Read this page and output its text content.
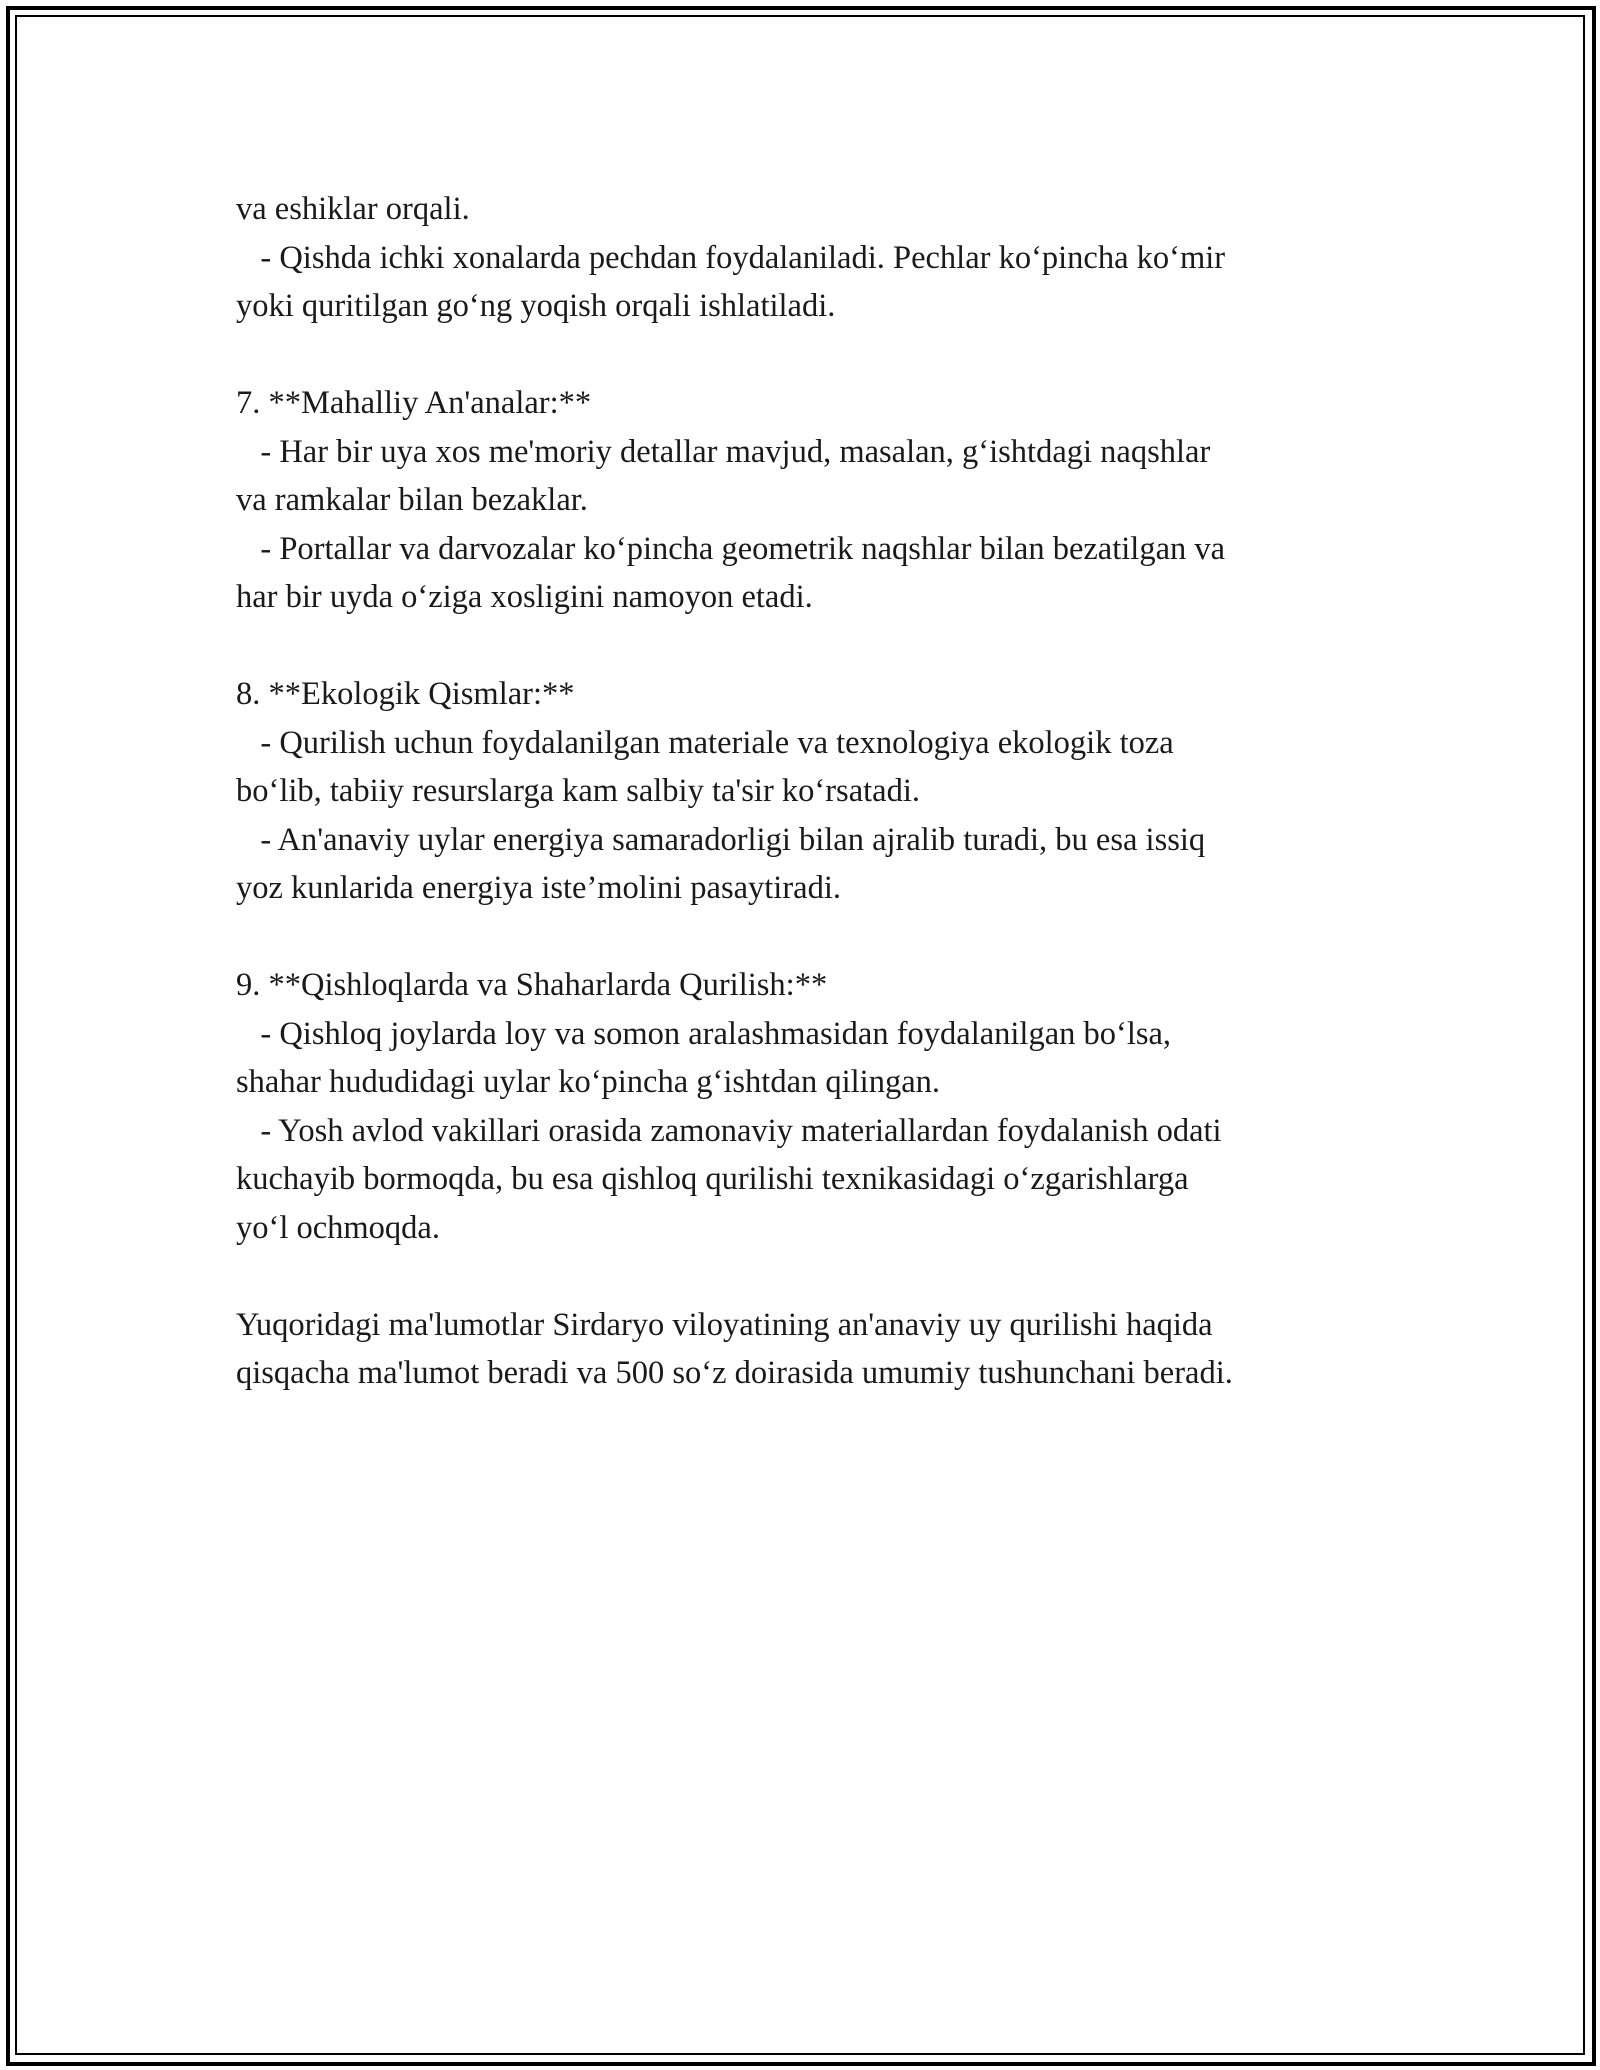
va eshiklar orqali.
- Qishda ichki xonalarda pechdan foydalaniladi. Pechlar ko‘pincha ko‘mir
yoki quritilgan go‘ng yoqish orqali ishlatiladi.
7. **Mahalliy An'analar:**
- Har bir uya xos me'moriy detallar mavjud, masalan, g‘ishtdagi naqshlar
va ramkalar bilan bezaklar.
- Portallar va darvozalar ko‘pincha geometrik naqshlar bilan bezatilgan va
har bir uyda o‘ziga xosligini namoyon etadi.
8. **Ekologik Qismlar:**
- Qurilish uchun foydalanilgan materiale va texnologiya ekologik toza
bo‘lib, tabiiy resurslarga kam salbiy ta'sir ko‘rsatadi.
- An'anaviy uylar energiya samaradorligi bilan ajralib turadi, bu esa issiq
yoz kunlarida energiya iste’molini pasaytiradi.
9. **Qishloqlarda va Shaharlarda Qurilish:**
- Qishloq joylarda loy va somon aralashmasidan foydalanilgan bo‘lsa,
shahar hududidagi uylar ko‘pincha g‘ishtdan qilingan.
- Yosh avlod vakillari orasida zamonaviy materiallardan foydalanish odati
kuchayib bormoqda, bu esa qishloq qurilishi texnikasidagi o‘zgarishlarga
yo‘l ochmoqda.
Yuqoridagi ma'lumotlar Sirdaryo viloyatining an'anaviy uy qurilishi haqida
qisqacha ma'lumot beradi va 500 so‘z doirasida umumiy tushunchani beradi.
